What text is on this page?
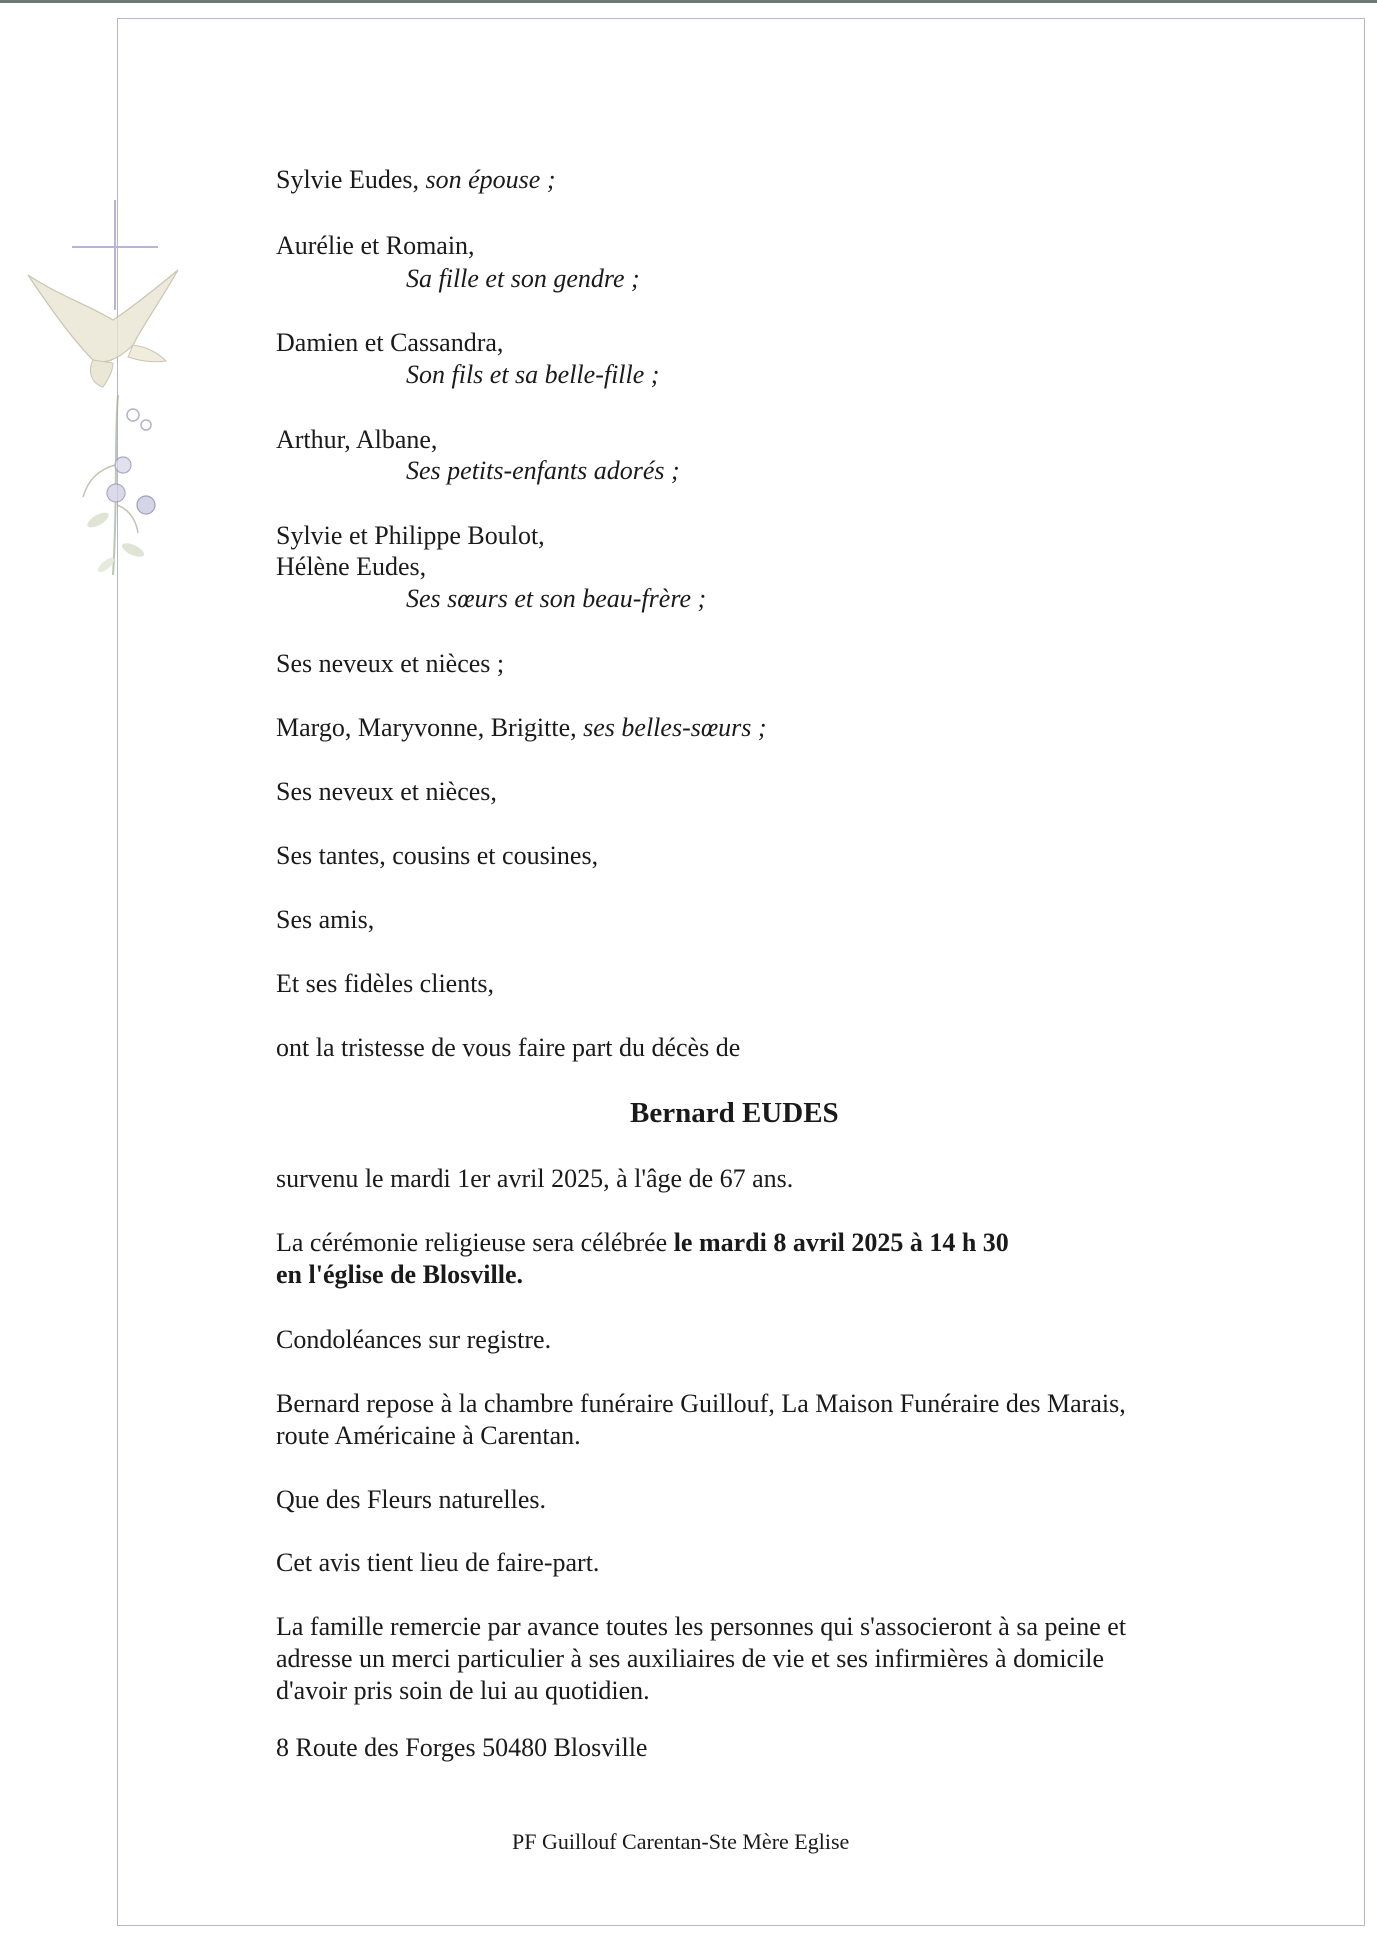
Sylvie Eudes, son épouse ;

Aurélie et Romain,

Sa fille et son gendre ;

Damien et Cassandra,

Son fils et sa belle-fille ;

Arthur, Albane,

Ses petits-enfants adorés ;

Sylvie et Philippe Boulot,

Hélène Eudes,

Ses sœurs et son beau-frère ;

Ses neveux et nièces ;

Margo, Maryvonne, Brigitte, ses belles-sœurs ;

Ses neveux et nièces,

Ses tantes, cousins et cousines,

Ses amis,

Et ses fidèles clients,

ont la tristesse de vous faire part du décès de

Bernard EUDES

survenu le mardi 1er avril 2025, à l'âge de 67 ans.

La cérémonie religieuse sera célébrée le mardi 8 avril 2025 à 14 h 30

en l'église de Blosville.

Condoléances sur registre.

Bernard repose à la chambre funéraire Guillouf, La Maison Funéraire des Marais,

route Américaine à Carentan.

Que des Fleurs naturelles.

Cet avis tient lieu de faire-part.

La famille remercie par avance toutes les personnes qui s'associeront à sa peine et

adresse un merci particulier à ses auxiliaires de vie et ses infirmières à domicile

d'avoir pris soin de lui au quotidien.

8 Route des Forges 50480 Blosville

PF Guillouf Carentan-Ste Mère Eglise
